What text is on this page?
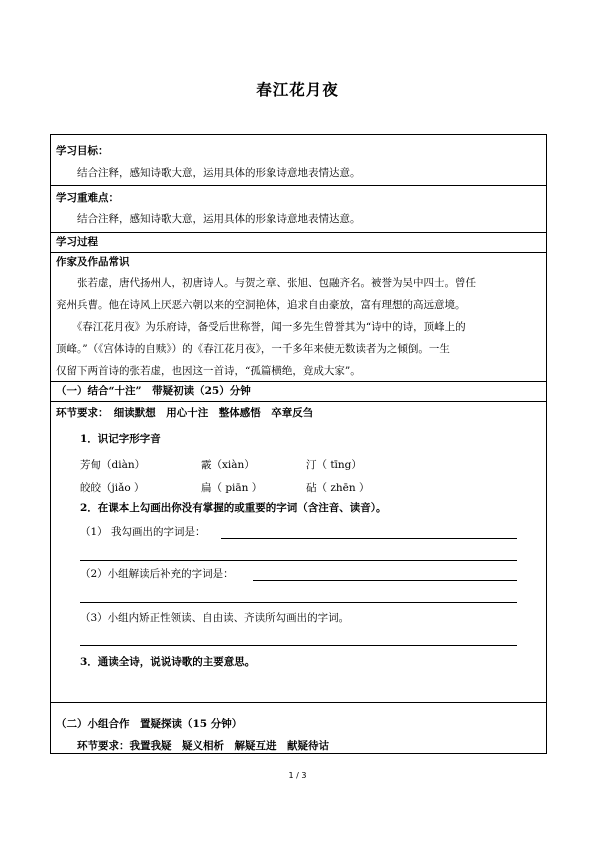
春江花月夜
学习目标：
结合注释，感知诗歌大意，运用具体的形象诗意地表情达意。
学习重难点：
结合注释，感知诗歌大意，运用具体的形象诗意地表情达意。
学习过程
作家及作品常识

　　张若虚，唐代扬州人，初唐诗人。与贺之章、张旭、包融齐名。被誉为吴中四士。曾任

兖州兵曹。他在诗风上厌恶六朝以来的空洞艳体，追求自由豪放，富有理想的高远意境。

　　《春江花月夜》为乐府诗，备受后世称誉，闻一多先生曾誉其为“诗中的诗，顶峰上的

顶峰。”（《宫体诗的自赎》）的《春江花月夜》，一千多年来使无数读者为之倾倒。一生

仅留下两首诗的张若虚，也因这一首诗，“孤篇横绝，竟成大家”。

（一）结合“十注”　带疑初读（25）分钟
环节要求：　细读默想　用心十注　整体感悟　卒章反刍
1．识记字形字音
芳甸（diàn）	霰（xiàn）	汀（ tīng）
皎皎（jiǎo ）	扁（ piān ）	砧（ zhēn ）
2．在课本上勾画出你没有掌握的或重要的字词（含注音、读音）。
（1） 我勾画出的字词是：
（2）小组解读后补充的字词是：
（3）小组内矫正性领读、自由读、齐读所勾画出的字词。
3．通读全诗，说说诗歌的主要意思。
（二）小组合作　置疑探读（15 分钟）
环节要求：我置我疑　疑义相析　解疑互进　献疑待诂
1 / 3
